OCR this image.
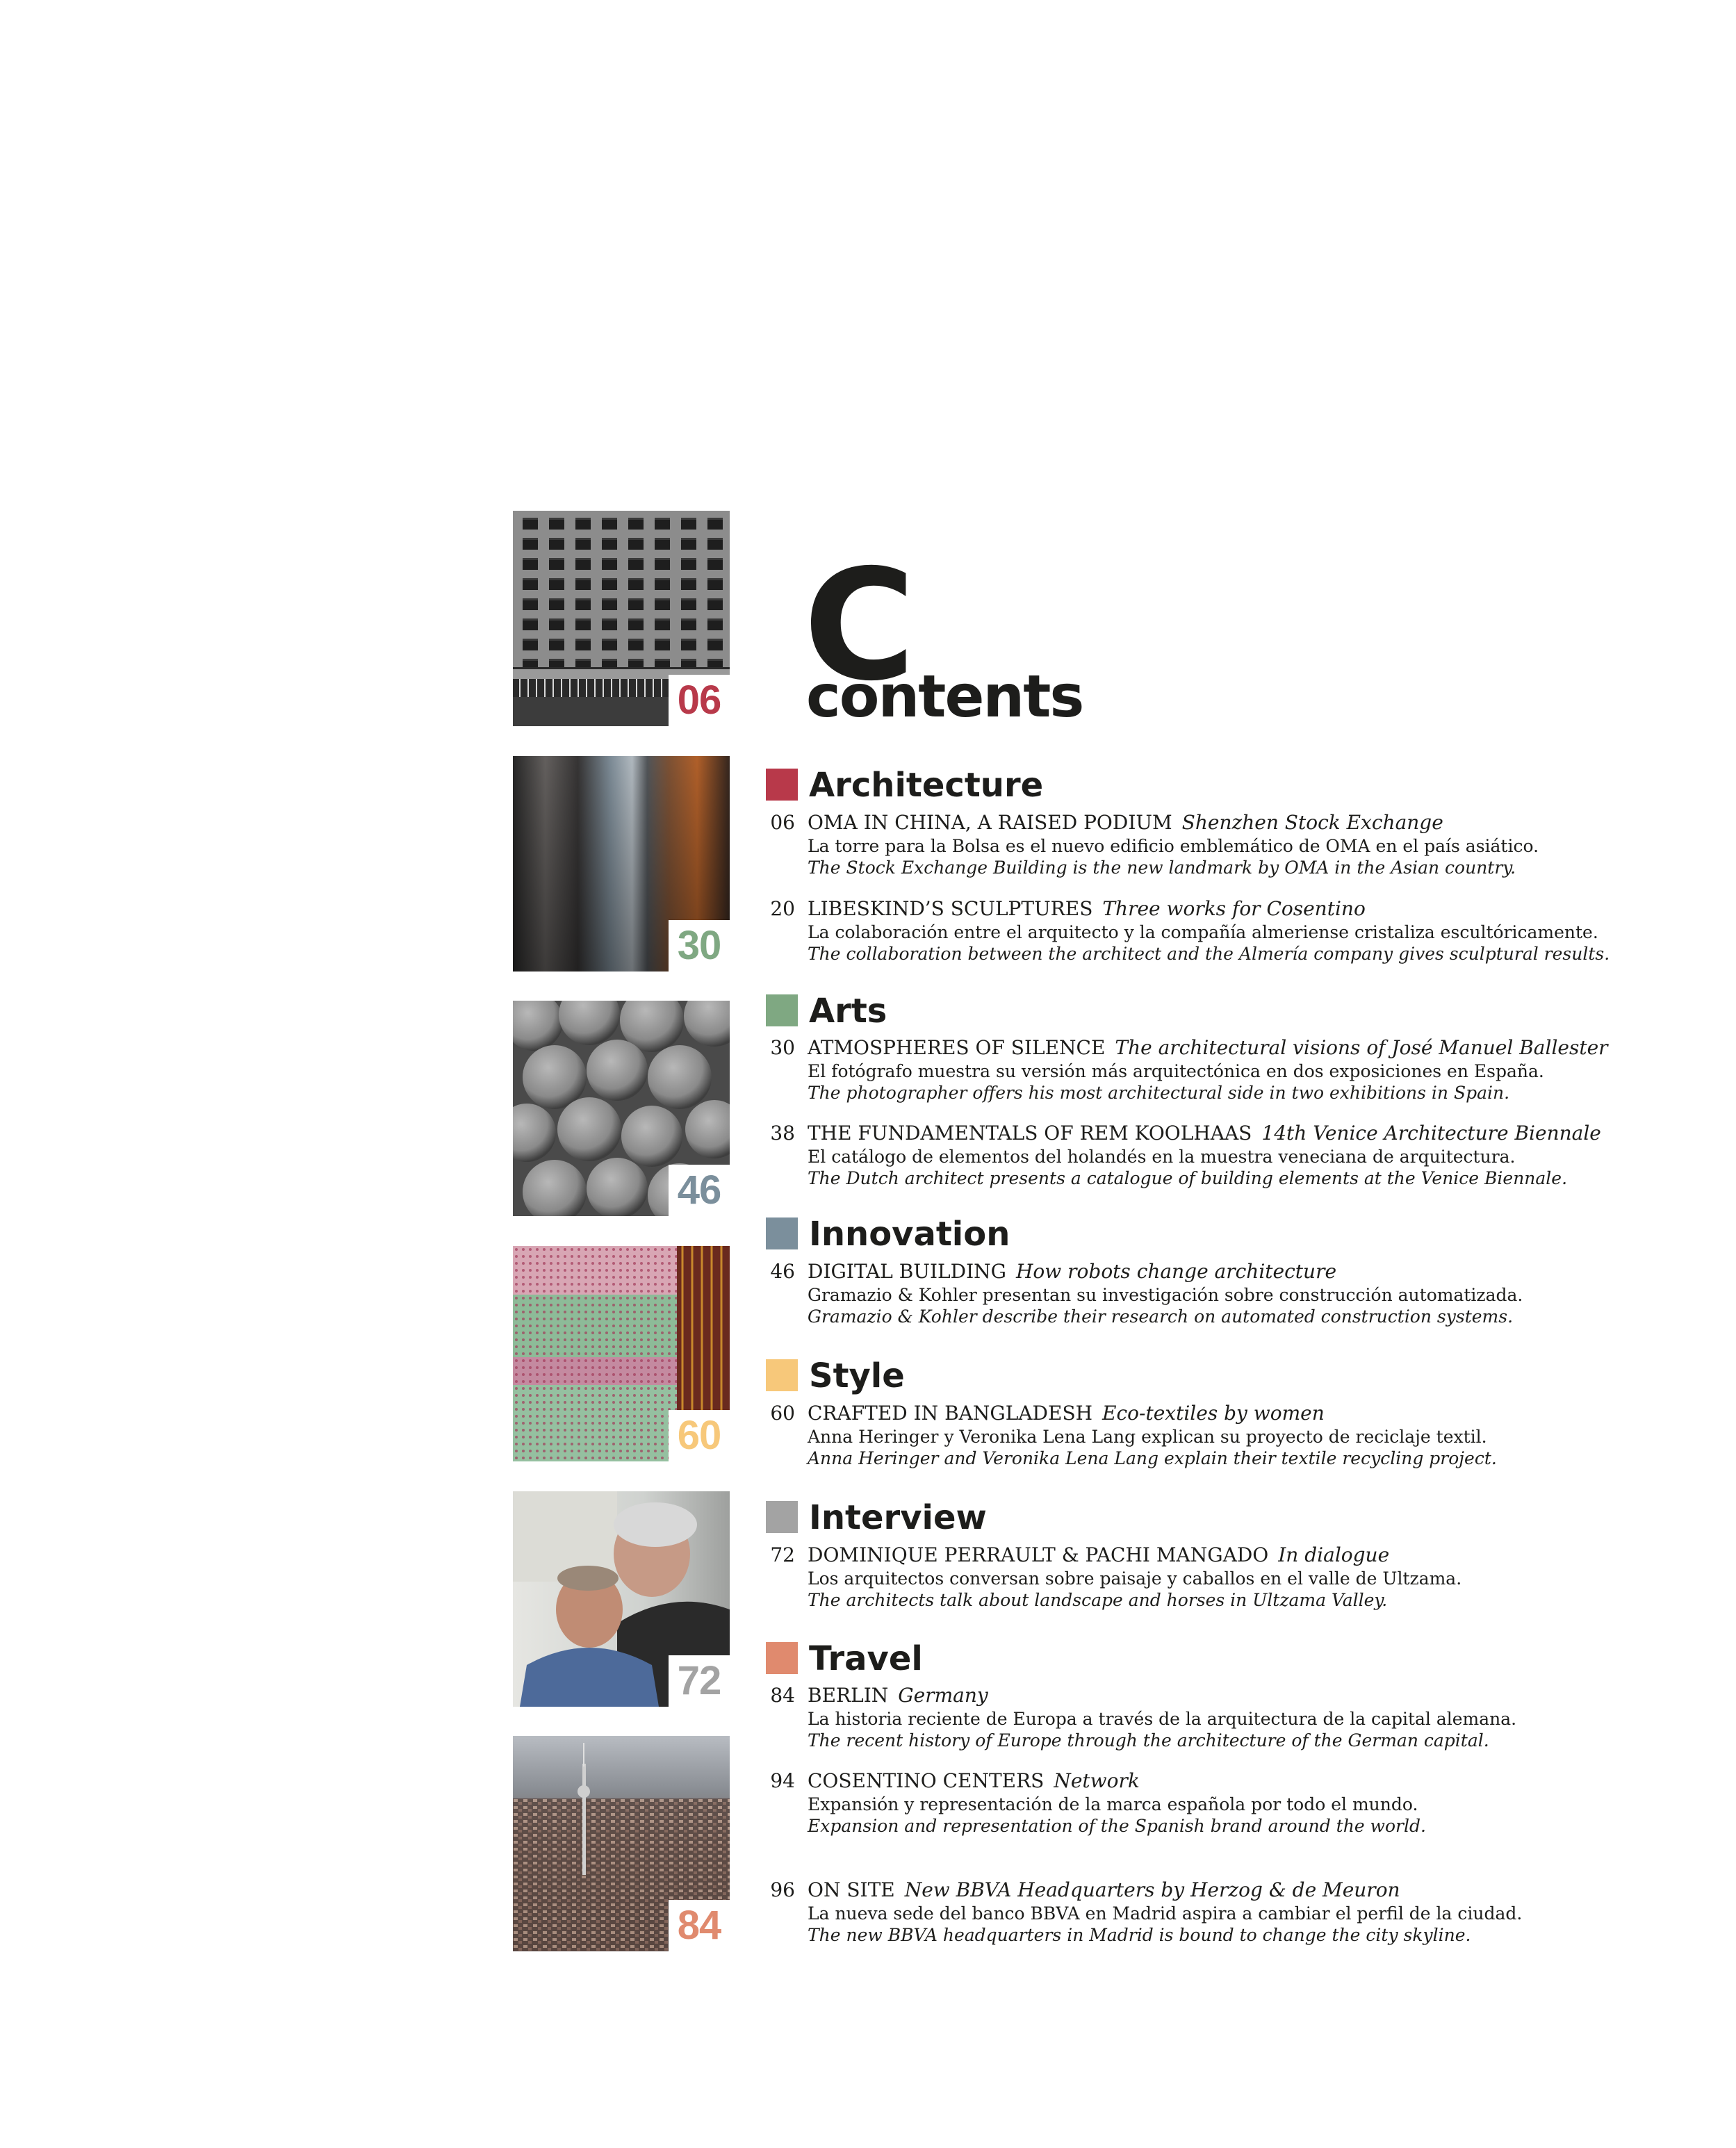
06
30
46
60
72
84
C
contents
Architecture
06 OMA IN CHINA, A RAISED PODIUM Shenzhen Stock Exchange
La torre para la Bolsa es el nuevo edificio emblemático de OMA en el país asiático.
The Stock Exchange Building is the new landmark by OMA in the Asian country.
20 LIBESKIND’S SCULPTURES Three works for Cosentino
La colaboración entre el arquitecto y la compañía almeriense cristaliza escultóricamente.
The collaboration between the architect and the Almería company gives sculptural results.
Arts
30 ATMOSPHERES OF SILENCE The architectural visions of José Manuel Ballester
El fotógrafo muestra su versión más arquitectónica en dos exposiciones en España.
The photographer offers his most architectural side in two exhibitions in Spain.
38 THE FUNDAMENTALS OF REM KOOLHAAS 14th Venice Architecture Biennale
El catálogo de elementos del holandés en la muestra veneciana de arquitectura.
The Dutch architect presents a catalogue of building elements at the Venice Biennale.
Innovation
46 DIGITAL BUILDING How robots change architecture
Gramazio & Kohler presentan su investigación sobre construcción automatizada.
Gramazio & Kohler describe their research on automated construction systems.
Style
60 CRAFTED IN BANGLADESH Eco-textiles by women
Anna Heringer y Veronika Lena Lang explican su proyecto de reciclaje textil.
Anna Heringer and Veronika Lena Lang explain their textile recycling project.
Interview
72 DOMINIQUE PERRAULT & PACHI MANGADO In dialogue
Los arquitectos conversan sobre paisaje y caballos en el valle de Ultzama.
The architects talk about landscape and horses in Ultzama Valley.
Travel
84 BERLIN Germany
La historia reciente de Europa a través de la arquitectura de la capital alemana.
The recent history of Europe through the architecture of the German capital.
94 COSENTINO CENTERS Network
Expansión y representación de la marca española por todo el mundo.
Expansion and representation of the Spanish brand around the world.
96 ON SITE New BBVA Headquarters by Herzog & de Meuron
La nueva sede del banco BBVA en Madrid aspira a cambiar el perfil de la ciudad.
The new BBVA headquarters in Madrid is bound to change the city skyline.
